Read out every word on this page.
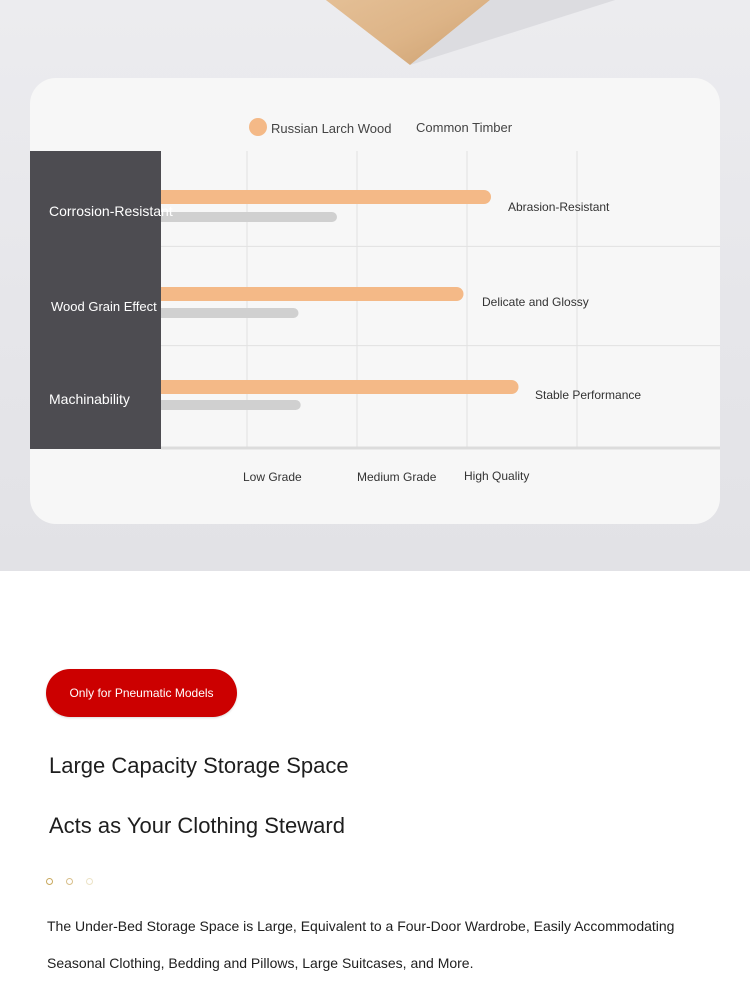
Corrosion-Resistant
Wood Grain Effect
Machinability
Russian Larch Wood Common Timber
Abrasion-Resistant
Delicate and Glossy
Stable Performance
Low Grade	Medium Grade High Quality
Only for Pneumatic Models
Large Capacity Storage Space
Acts as Your Clothing Steward
The Under-Bed Storage Space is Large, Equivalent to a Four-Door Wardrobe, Easily Accommodating
Seasonal Clothing, Bedding and Pillows, Large Suitcases, and More.
